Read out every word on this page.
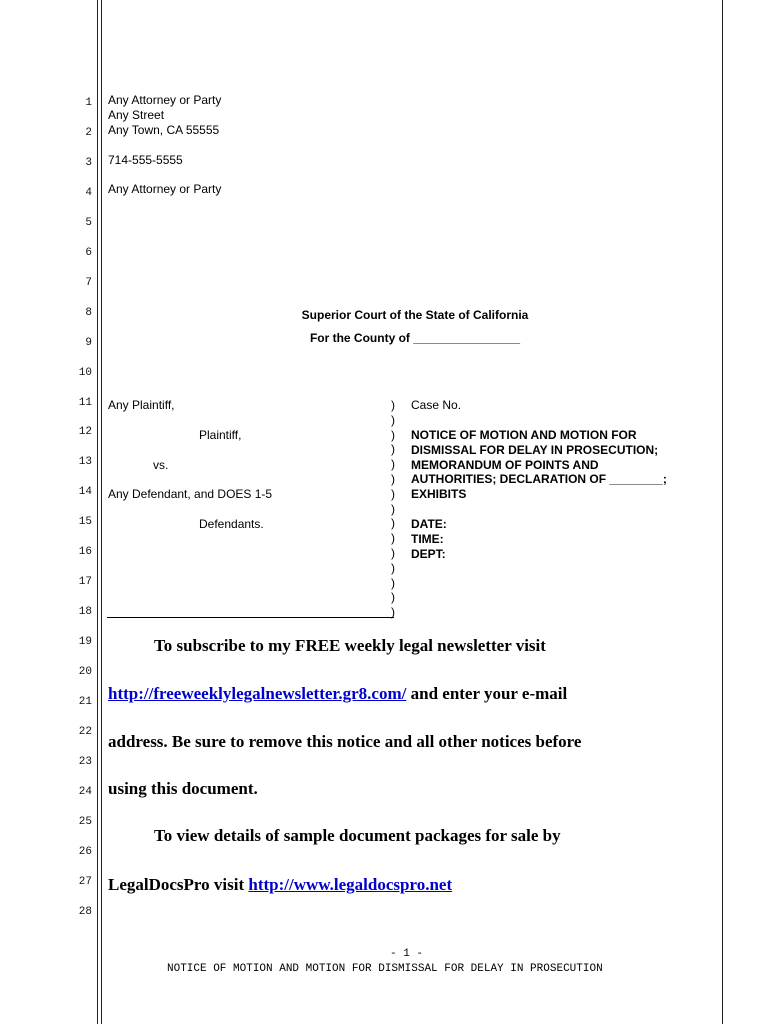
1
2
3
4
5
6
7
8
9
10
11
12
13
14
15
16
17
18
19
20
21
22
23
24
25
26
27
28
Any Attorney or Party
Any Street
Any Town, CA 55555
714-555-5555
Any Attorney or Party
Superior Court of the State of California
For the County of ________________
Any Plaintiff,
Plaintiff,
vs.
Any Defendant, and DOES 1-5
Defendants.
)
)
)
)
)
)
)
)
)
)
)
)
)
)
)
Case No.
NOTICE OF MOTION AND MOTION FOR
DISMISSAL FOR DELAY IN PROSECUTION;
MEMORANDUM OF POINTS AND
AUTHORITIES; DECLARATION OF ________;
EXHIBITS
DATE:
TIME:
DEPT:
To subscribe to my FREE weekly legal newsletter visit
http://freeweeklylegalnewsletter.gr8.com/ and enter your e-mail
address. Be sure to remove this notice and all other notices before
using this document.
To view details of sample document packages for sale by
LegalDocsPro visit http://www.legaldocspro.net
- 1 -
NOTICE OF MOTION AND MOTION FOR DISMISSAL FOR DELAY IN PROSECUTION
